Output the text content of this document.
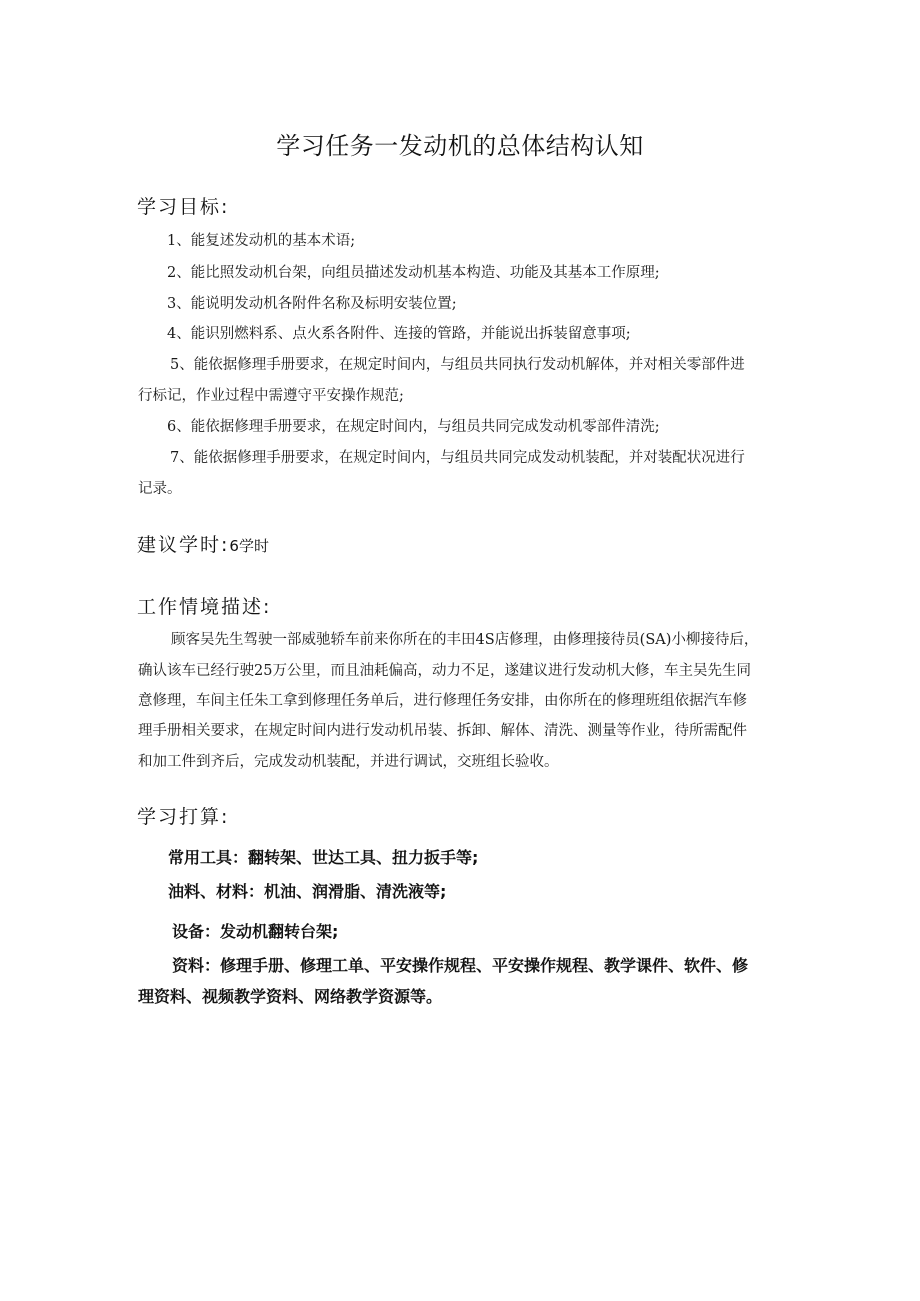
学习任务一发动机的总体结构认知
学习目标:
1、能复述发动机的基本术语;
2、能比照发动机台架，向组员描述发动机基本构造、功能及其基本工作原理;
3、能说明发动机各附件名称及标明安装位置;
4、能识别燃料系、点火系各附件、连接的管路，并能说出拆装留意事项;
5、能依据修理手册要求，在规定时间内，与组员共同执行发动机解体，并对相关零部件进
行标记，作业过程中需遵守平安操作规范;
6、能依据修理手册要求，在规定时间内，与组员共同完成发动机零部件清洗;
7、能依据修理手册要求，在规定时间内，与组员共同完成发动机装配，并对装配状况进行
记录。
建议学时:6学时
工作情境描述:
顾客吴先生驾驶一部威驰轿车前来你所在的丰田4S店修理，由修理接待员(SA)小柳接待后，
确认该车已经行驶25万公里，而且油耗偏高，动力不足，遂建议进行发动机大修，车主吴先生同
意修理，车间主任朱工拿到修理任务单后，进行修理任务安排，由你所在的修理班组依据汽车修
理手册相关要求，在规定时间内进行发动机吊装、拆卸、解体、清洗、测量等作业，待所需配件
和加工件到齐后，完成发动机装配，并进行调试，交班组长验收。
学习打算:
常用工具：翻转架、世达工具、扭力扳手等;
油料、材料：机油、润滑脂、清洗液等;
设备：发动机翻转台架;
资料：修理手册、修理工单、平安操作规程、平安操作规程、教学课件、软件、修
理资料、视频教学资料、网络教学资源等。
